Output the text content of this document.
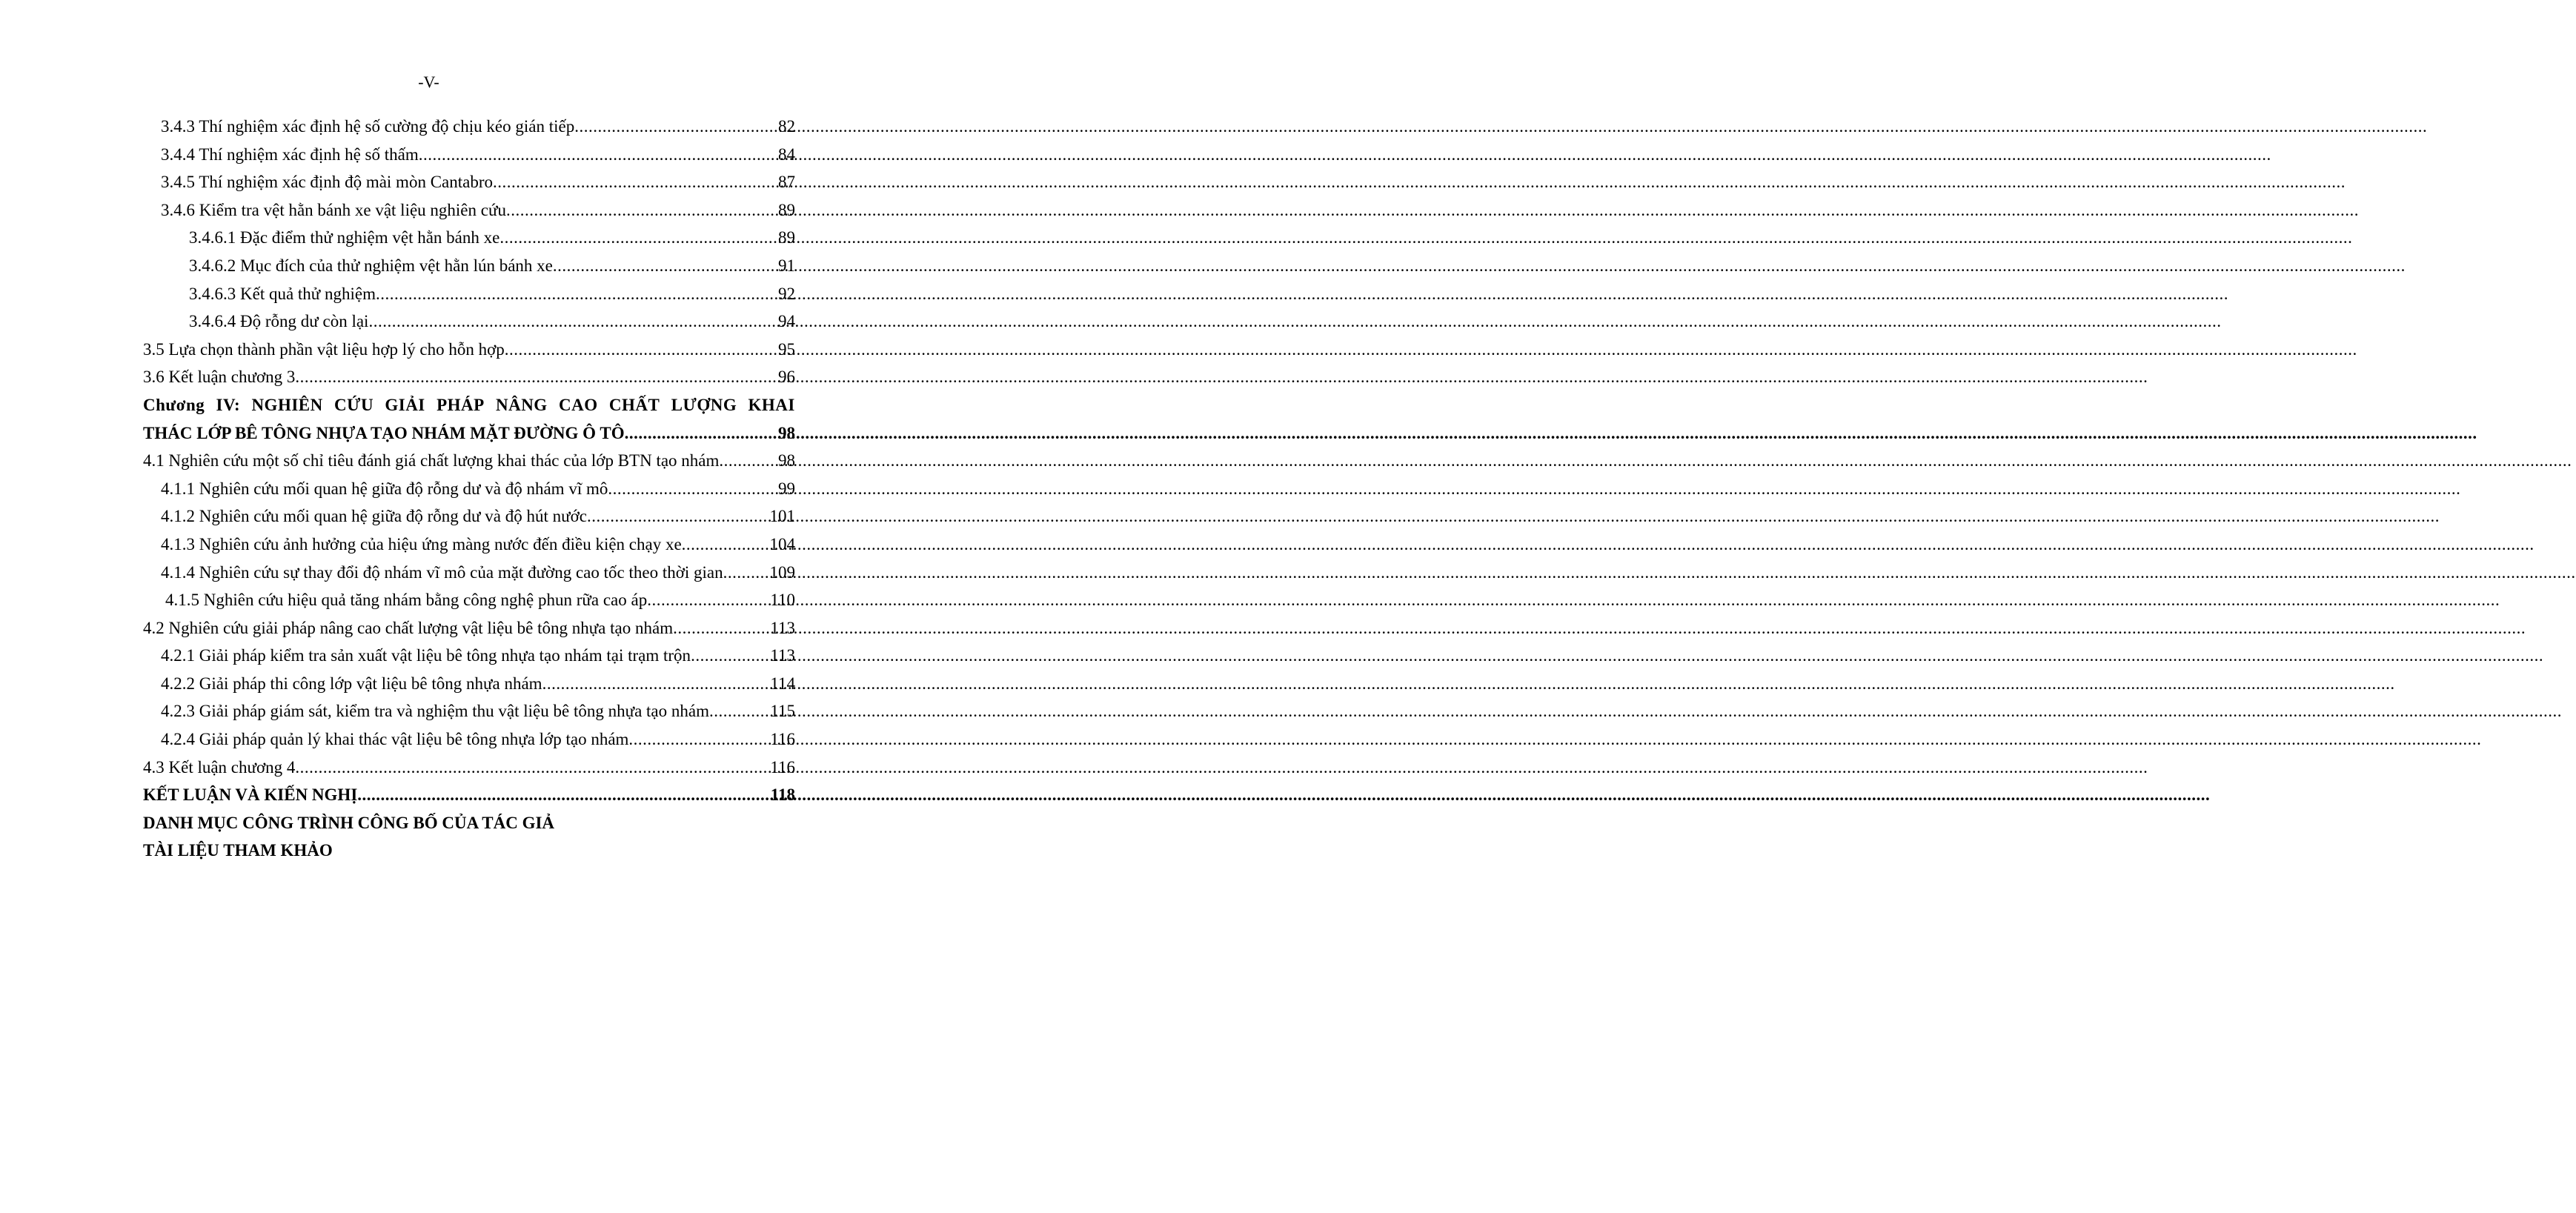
-V-
3.4.3 Thí nghiệm xác định hệ số cường độ chịu kéo gián tiếp .....	82
3.4.4 Thí nghiệm xác định hệ số thấm .....	84
3.4.5 Thí nghiệm xác định độ mài mòn Cantabro .....	87
3.4.6 Kiểm tra vệt hằn bánh xe vật liệu nghiên cứu .....	89
3.4.6.1 Đặc điểm thử nghiệm vệt hằn bánh xe .....	89
3.4.6.2 Mục đích của thử nghiệm vệt hằn lún bánh xe .....	91
3.4.6.3 Kết quả thử nghiệm .....	92
3.4.6.4 Độ rỗng dư còn lại .....	94
3.5 Lựa chọn thành phần vật liệu hợp lý cho hỗn hợp .....	95
3.6 Kết luận chương 3 .....	96
Chương IV: NGHIÊN CỨU GIẢI PHÁP NÂNG CAO CHẤT LƯỢNG KHAI
THÁC LỚP BÊ TÔNG NHỰA TẠO NHÁM MẶT ĐƯỜNG Ô TÔ .....	98
4.1 Nghiên cứu một số chỉ tiêu đánh giá chất lượng khai thác của lớp BTN tạo nhám .....	98
4.1.1 Nghiên cứu mối quan hệ giữa độ rỗng dư và độ nhám vĩ mô .....	99
4.1.2 Nghiên cứu mối quan hệ giữa độ rỗng dư và độ hút nước .....	101
4.1.3 Nghiên cứu ảnh hưởng của hiệu ứng màng nước đến điều kiện chạy xe .....	104
4.1.4 Nghiên cứu sự thay đổi độ nhám vĩ mô của mặt đường cao tốc theo thời gian .....	109
4.1.5 Nghiên cứu hiệu quả tăng nhám bằng công nghệ phun rữa cao áp .....	110
4.2 Nghiên cứu giải pháp nâng cao chất lượng vật liệu bê tông nhựa tạo nhám .....	113
4.2.1 Giải pháp kiểm tra sản xuất vật liệu bê tông nhựa tạo nhám tại trạm trộn .....	113
4.2.2 Giải pháp thi công lớp vật liệu bê tông nhựa nhám .....	114
4.2.3 Giải pháp giám sát, kiểm tra và nghiệm thu vật liệu bê tông nhựa tạo nhám .....	115
4.2.4 Giải pháp quản lý khai thác vật liệu bê tông nhựa lớp tạo nhám .....	116
4.3 Kết luận chương 4 .....	116
KẾT LUẬN VÀ KIẾN NGHỊ .....	118
DANH MỤC CÔNG TRÌNH CÔNG BỐ CỦA TÁC GIẢ
TÀI LIỆU THAM KHẢO
